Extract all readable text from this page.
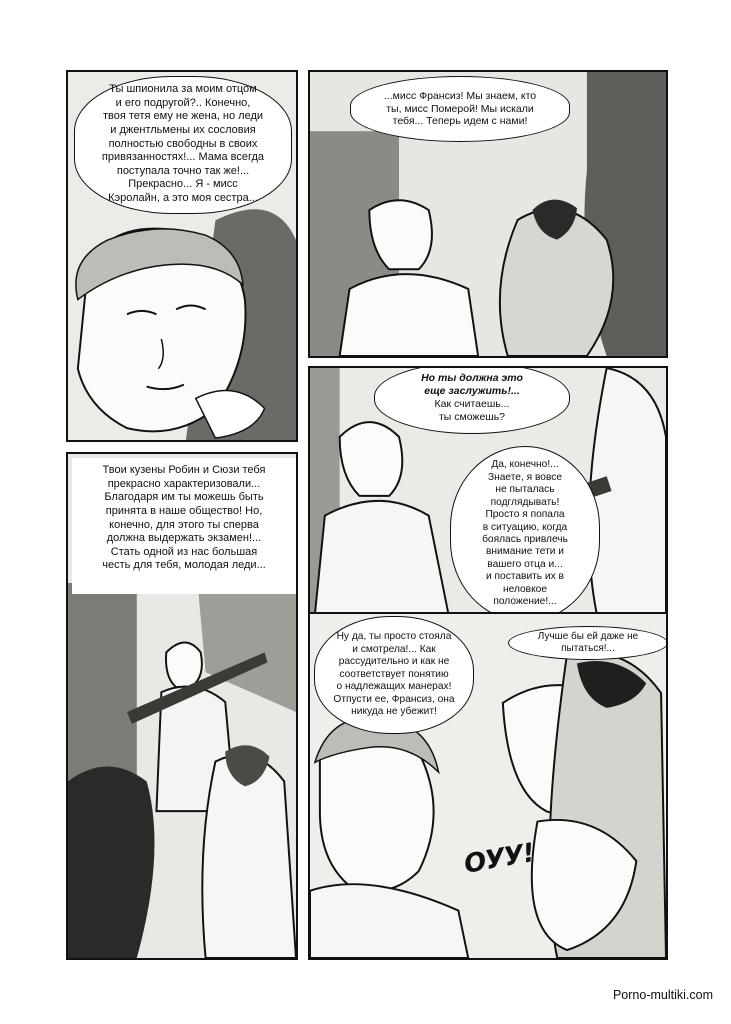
Ты шпионила за моим отцом
и его подругой?.. Конечно,
твоя тетя ему не жена, но леди
и джентльмены их сословия
полностью свободны в своих
привязанностях!... Мама всегда
поступала точно так же!...
Прекрасно... Я - мисс
Кэролайн, а это моя сестра...
...мисс Франсиз! Мы знаем, кто
ты, мисс Померой! Мы искали
тебя... Теперь идем с нами!
Но ты должна это
еще заслужить!...
Как считаешь...
ты сможешь?
Да, конечно!...
Знаете, я вовсе
не пыталась
подглядывать!
Просто я попала
в ситуацию, когда
боялась привлечь
внимание тети и
вашего отца и...
и поставить их в
неловкое
положение!...
Твои кузены Робин и Сюзи тебя
прекрасно характеризовали...
Благодаря им ты можешь быть
принята в наше общество! Но,
конечно, для этого ты сперва
должна выдержать экзамен!...
Стать одной из нас большая
честь для тебя, молодая леди...
Ну да, ты просто стояла
и смотрела!... Как
рассудительно и как не
соответствует понятию
о надлежащих манерах!
Отпусти ее, Франсиз, она
никуда не убежит!
Лучше бы ей даже не пытаться!...
ОУУ!
Porno-multiki.com
